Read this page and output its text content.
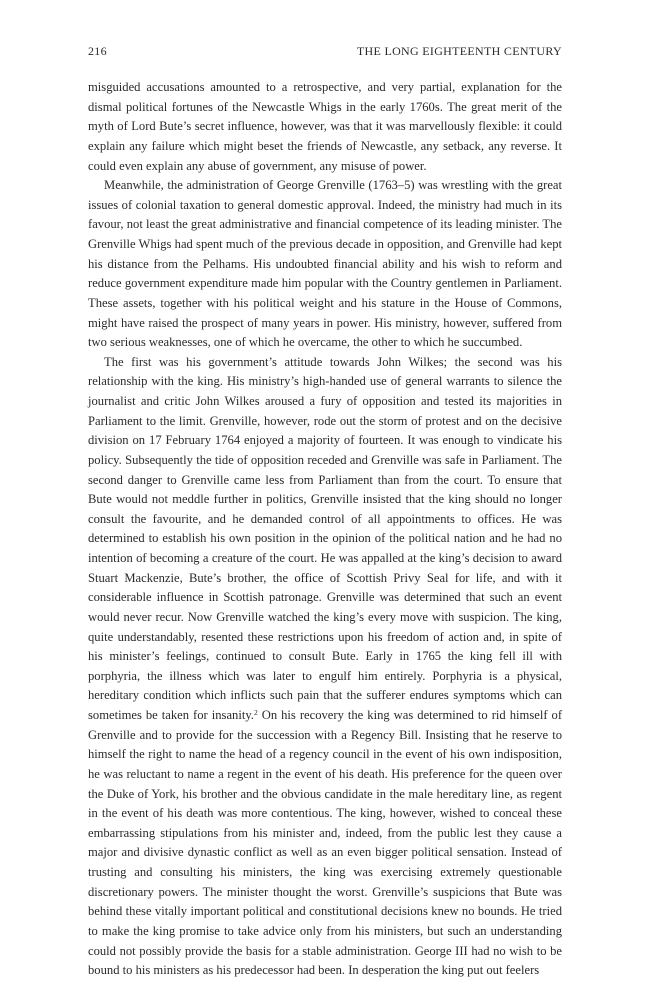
216	THE LONG EIGHTEENTH CENTURY

misguided accusations amounted to a retrospective, and very partial, explanation for the dismal political fortunes of the Newcastle Whigs in the early 1760s. The great merit of the myth of Lord Bute’s secret influence, however, was that it was marvellously flexible: it could explain any failure which might beset the friends of Newcastle, any setback, any reverse. It could even explain any abuse of government, any misuse of power.

Meanwhile, the administration of George Grenville (1763–5) was wrestling with the great issues of colonial taxation to general domestic approval. Indeed, the ministry had much in its favour, not least the great administrative and financial competence of its leading minister. The Grenville Whigs had spent much of the previous decade in opposition, and Grenville had kept his distance from the Pelhams. His undoubted financial ability and his wish to reform and reduce government expenditure made him popular with the Country gentlemen in Parliament. These assets, together with his political weight and his stature in the House of Commons, might have raised the prospect of many years in power. His ministry, however, suffered from two serious weaknesses, one of which he overcame, the other to which he succumbed.

The first was his government’s attitude towards John Wilkes; the second was his relationship with the king. His ministry’s high-handed use of general warrants to silence the journalist and critic John Wilkes aroused a fury of opposition and tested its majorities in Parliament to the limit. Grenville, however, rode out the storm of protest and on the decisive division on 17 February 1764 enjoyed a majority of fourteen. It was enough to vindicate his policy. Subsequently the tide of opposition receded and Grenville was safe in Parliament. The second danger to Grenville came less from Parliament than from the court. To ensure that Bute would not meddle further in politics, Grenville insisted that the king should no longer consult the favourite, and he demanded control of all appointments to offices. He was determined to establish his own position in the opinion of the political nation and he had no intention of becoming a creature of the court. He was appalled at the king’s decision to award Stuart Mackenzie, Bute’s brother, the office of Scottish Privy Seal for life, and with it considerable influence in Scottish patronage. Grenville was determined that such an event would never recur. Now Grenville watched the king’s every move with suspicion. The king, quite understandably, resented these restrictions upon his freedom of action and, in spite of his minister’s feelings, continued to consult Bute. Early in 1765 the king fell ill with porphyria, the illness which was later to engulf him entirely. Porphyria is a physical, hereditary condition which inflicts such pain that the sufferer endures symptoms which can sometimes be taken for insanity.$^2$ On his recovery the king was determined to rid himself of Grenville and to provide for the succession with a Regency Bill. Insisting that he reserve to himself the right to name the head of a regency council in the event of his own indisposition, he was reluctant to name a regent in the event of his death. His preference for the queen over the Duke of York, his brother and the obvious candidate in the male hereditary line, as regent in the event of his death was more contentious. The king, however, wished to conceal these embarrassing stipulations from his minister and, indeed, from the public lest they cause a major and divisive dynastic conflict as well as an even bigger political sensation. Instead of trusting and consulting his ministers, the king was exercising extremely questionable discretionary powers. The minister thought the worst. Grenville’s suspicions that Bute was behind these vitally important political and constitutional decisions knew no bounds. He tried to make the king promise to take advice only from his ministers, but such an understanding could not possibly provide the basis for a stable administration. George III had no wish to be bound to his ministers as his predecessor had been. In desperation the king put out feelers
